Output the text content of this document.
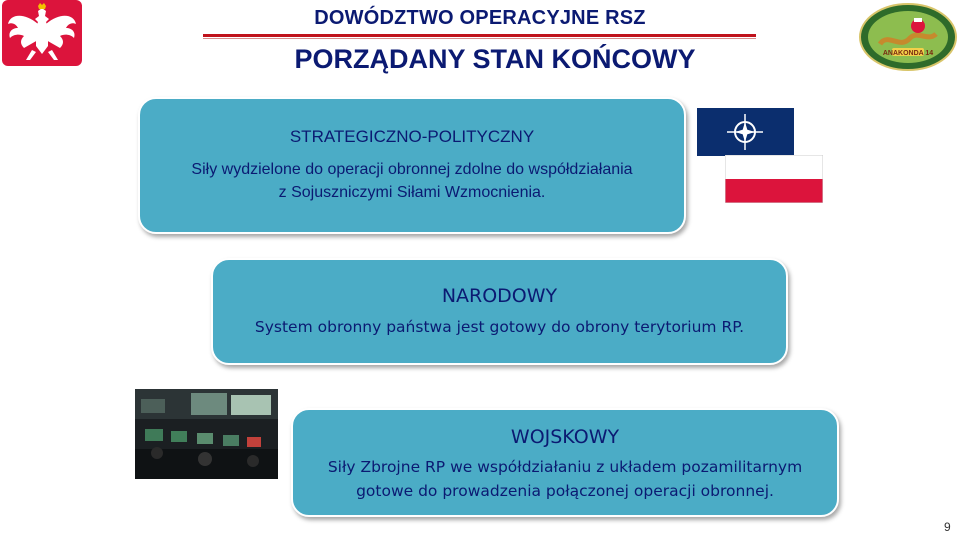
ANAKONDA 14
DOWÓDZTWO OPERACYJNE RSZ
PORZĄDANY STAN KOŃCOWY
STRATEGICZNO-POLITYCZNY
Siły wydzielone do operacji obronnej zdolne do współdziałania
z Sojuszniczymi Siłami Wzmocnienia.
NARODOWY
System obronny państwa jest gotowy do obrony terytorium RP.
WOJSKOWY
Siły Zbrojne RP we współdziałaniu z układem pozamilitarnym
gotowe do prowadzenia połączonej operacji obronnej.
9
